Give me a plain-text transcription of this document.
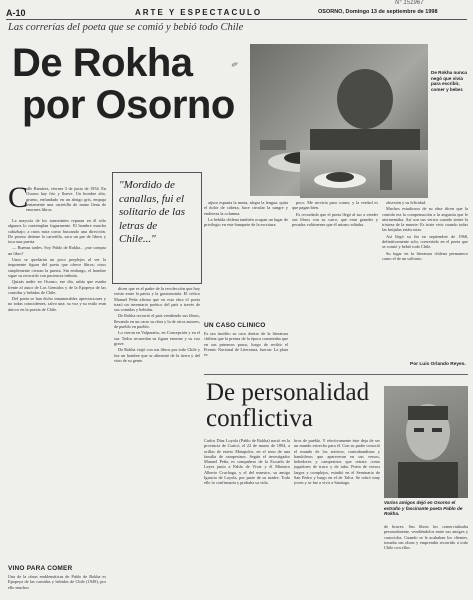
A-10	ARTE Y ESPECTACULO	OSORNO, Domingo 13 de septiembre de 1998
N° 151967
Las correrías del poeta que se comió y bebió todo Chile
De Rokha
por Osorno
De Rokha nunca negó que vivía para escribir, comer y beber.
✎
"Mordido de canallas, fui el solitario de las letras de Chile..."
C
alle Ramírez, viernes 5 de junio de 1954. En Osorno hay frío y llueve. Un hombre alto, grueso, enfundado en un abrigo gris, empuja lentamente una carretilla de mano llena de enormes libros.

La mayoría de los transeúntes reparan en él sólo algunos lo contemplan fugazmente. El hombre marcha cabizbajo; a ratos mira como buscando una dirección. De pronto detiene la carretilla, saca un par de libros y toca una puerta.

— Buenas tardes. Soy Pablo de Rokha... ¿me compra un libro?

Unos se quedarán un poco perplejos al ver la imponente figura del poeta que ofrece libros; otros simplemente cierran la puerta. Sin embargo, el hombre sigue su recorrido con paciencia infinita.

Quizás nadie en Osorno, ese día, sabía que estaba frente al autor de Los Gemidos y de la Epopeya de las comidas y bebidas de Chile.

Del poeta se han dicho innumerables apreciaciones y no todas coincidentes, salvo una: su voz y su estilo eran únicos en la poesía de Chile.

VINO PARA COMER
Una de la obras emblemáticas de Pablo de Rokha es Epopeya de las comidas y bebidas de Chile (1949), por ello muchos

dicen que es el padre de la recolección que hoy existe entre la patria y la gastronomía. El crítico Manuel Peña afirma que en esta obra el poeta trazó un inventario poético del país a través de sus comidas y bebidas.

De Rokha recorrió el país vendiendo sus libros, llevando en un carro su obra y la de otros autores, de pueblo en pueblo.

Lo vieron en Valparaíso, en Concepción y en el sur. Todos recuerdan su figura enorme y su voz grave.

De Rokha viajó con sus libros por todo Chile y fue un hombre que se alimentó de la tierra y del vino de su gente.

aijuro espanta la mona, alegra la lengua, quita el dolor de cabeza, hace circular la sangre y endereza la columna.

La bebida chilena también ocupan un lugar de privilegio en este banquete de la escritura.

UN CASO CLINICO
Es tan insólito su caso dentro de la literatura chilena que la prensa de la época comentaba que en sus primeros pasos, luego de recibir el Premio Nacional de Literatura, fueron: La plata es

poco. Me serviría para comer, y la verdad es que pagan bien.

Es recordado que el poeta llegó al sur a vender sus libros con su carro, que eran grandes y pesados volúmenes que él mismo editaba.

obsesión y su felicidad.

Muchos estudiosos de su obra dicen que la comida era la compensación a la angustia que le atormentaba. Así son sus versos cuando siente la tristeza de la muerte: Es triste vivir cuando todas las brújulas están rotas.

Así llegó su fin en septiembre de 1968, definitivamente solo, convertido en el poeta que se comió y bebió todo Chile.

Su lugar en la literatura chilena permanece como el de un solitario.

Por Luis Orlando Reyes.
De personalidad
conflictiva
Carlos Díaz Loyola (Pablo de Rokha) nació en la provincia de Curicó, el 22 de marzo de 1894, a orillas de estero Matapolos, en el seno de una familia de campesinos. Según el investigador Manuel Peña, es compañero de la Escuela de Leyes junto a Pablo de Vivar y él Ministro Alberto Cruchaga, y el del maestro, su amigo Ignacio de Loyola, por parte de su madre. Todo ello lo confirmaría y probaba su vida.
bros de pueblo. Y efectivamente éste deja de ser un mundo estrecho para él. Con su padre conoció el mundo de los arrieros, contrabandistas y bandoleros que apareceran en sus versos, bebedores y campesinos que retrata como jugadores de truco y de taba. Poeta de versos largos y complejos, estudió en el Seminario de San Pedro y luego en el de Talca. Se retiró muy joven y se fue a vivir a Santiago.
Varios amigos dejó en Osorno el extraño y fascinante poeta Pablo de Rokha.
de bruces. Sus libros los comercializaba personalmente, vendiéndolos entre sus amigos y conocidos. Cuando se le acababan los clientes, tomaba sus obras y emprendía recorrido a todo Chile con ellos.
